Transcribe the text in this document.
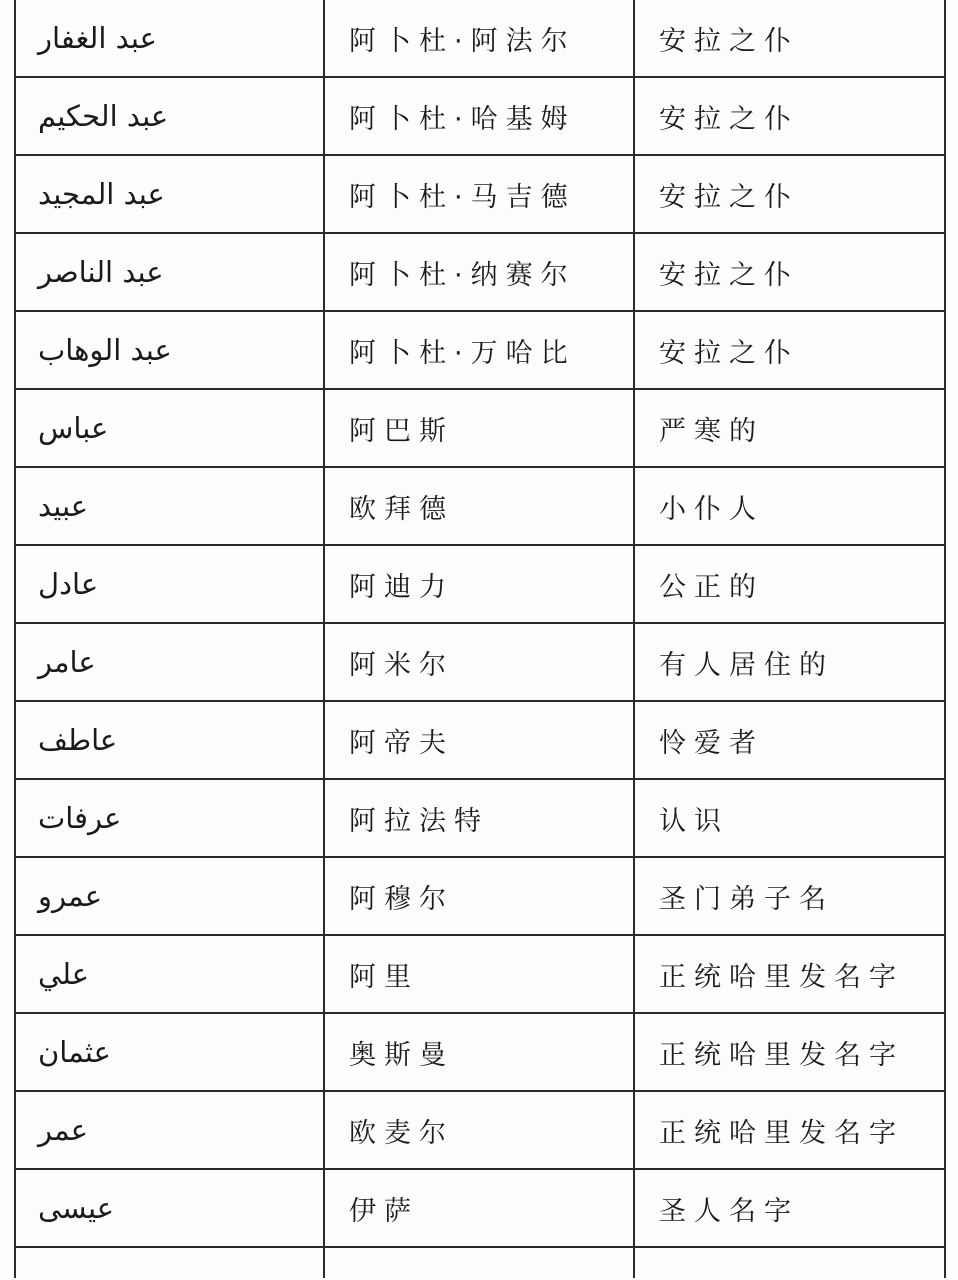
عبد الغفار	阿卜杜·阿法尔	安拉之仆

عبد الحكيم	阿卜杜·哈基姆	安拉之仆

عبد المجيد	阿卜杜·马吉德	安拉之仆

عبد الناصر	阿卜杜·纳赛尔	安拉之仆

عبد الوهاب	阿卜杜·万哈比	安拉之仆

عباس	阿巴斯	严寒的

عبيد	欧拜德	小仆人

عادل	阿迪力	公正的

عامر	阿米尔	有人居住的

عاطف	阿帝夫	怜爱者

عرفات	阿拉法特	认识

عمرو	阿穆尔	圣门弟子名

علي	阿里	正统哈里发名字

عثمان	奥斯曼	正统哈里发名字

عمر	欧麦尔	正统哈里发名字

عيسى	伊萨	圣人名字
